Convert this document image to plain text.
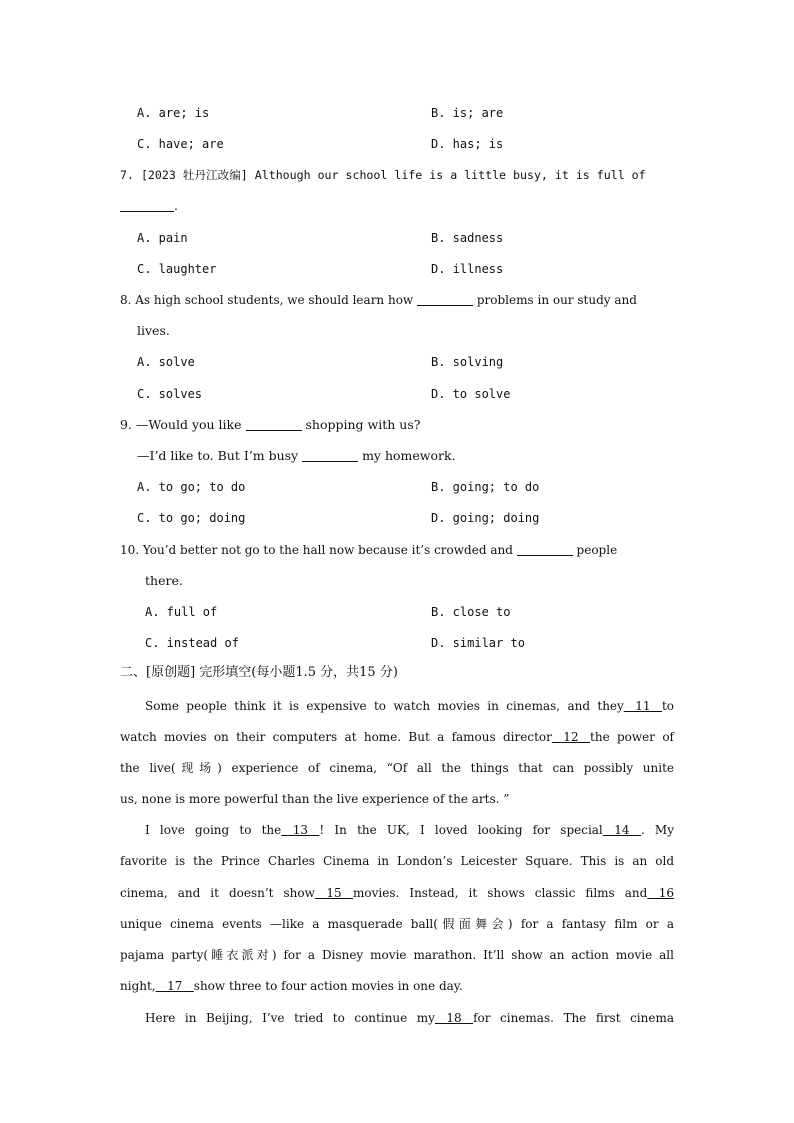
A. are; is	B. is; are
C. have; are	D. has; is
7. [2023 牡丹江改编] Although our school life is a little busy, it is full of
.
A. pain	B. sadness
C. laughter	D. illness
8. As high school students, we should learn how	problems in our study and
lives.
A. solve	B. solving
C. solves	D. to solve
9. —Would you like	shopping with us?
—I’d like to. But I’m busy	my homework.
A. to go; to do	B. going; to do
C. to go; doing	D. going; doing
10. You’d better not go to the hall now because it’s crowded and	people
there.
A. full of	B. close to
C. instead of	D. similar to
二、[原创题] 完形填空(每小题1.5 分，共15 分)
Some people think it is expensive to watch movies in cinemas, and they   11   to
watch movies on their computers at home. But a famous director   12   the power of
the live(现场) experience of cinema, “Of all the things that can possibly unite
us, none is more powerful than the live experience of the arts. ”
I love going to the   13   ! In the UK, I loved looking for special   14   . My
favorite is the Prince Charles Cinema in London’s Leicester Square. This is an old
cinema, and it doesn’t show   15   movies. Instead, it shows classic films and   16
unique cinema events —like a masquerade ball(假面舞会) for a fantasy film or a
pajama party(睡衣派对) for a Disney movie marathon. It’ll show an action movie all
night,   17   show three to four action movies in one day.
Here in Beijing, I’ve tried to continue my   18   for cinemas. The first cinema
